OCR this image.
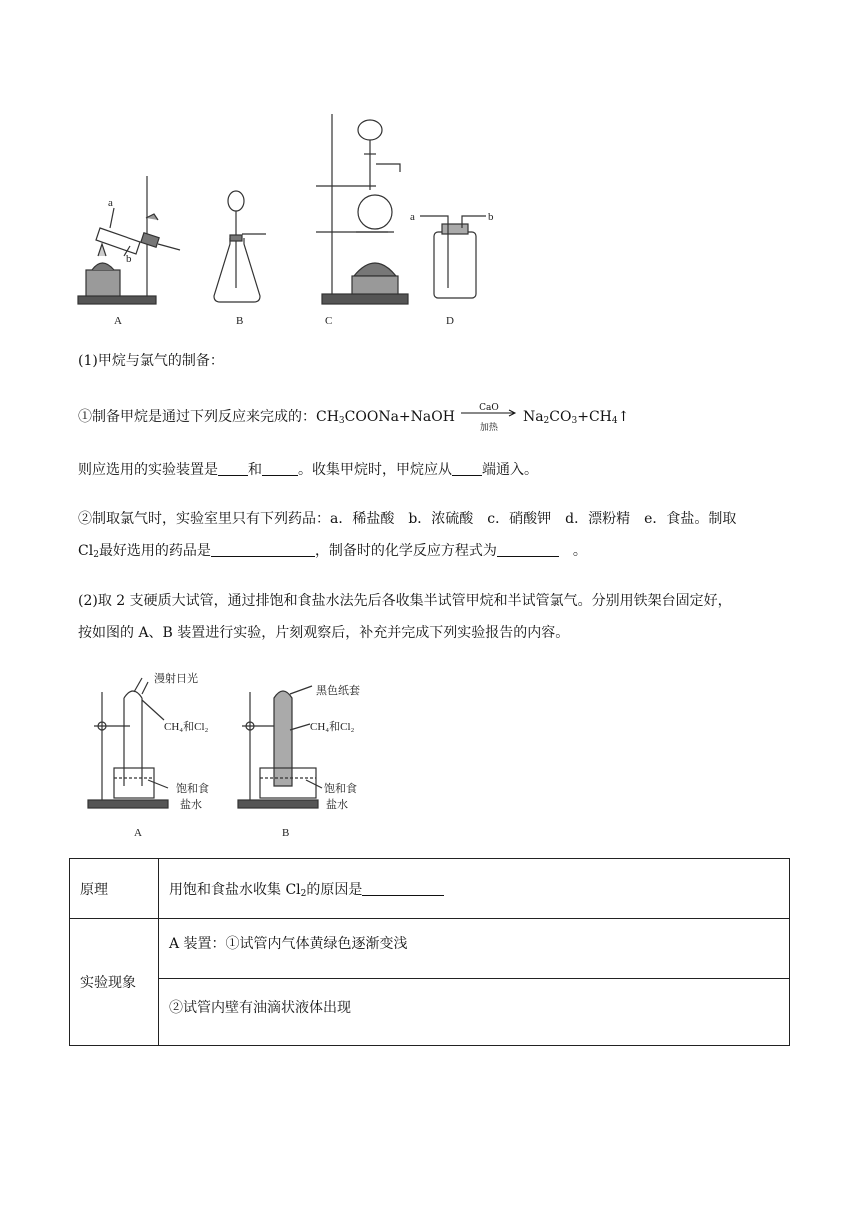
a
b
a	b
A	B	C	D
(1)甲烷与氯气的制备：
①制备甲烷是通过下列反应来完成的：$CH_3COONa+NaOH$
CaO
加热
$Na_2CO_3+CH_4↑$
则应选用的实验装置是 和	。收集甲烷时，甲烷应从 端通入。
②制取氯气时，实验室里只有下列药品：a．稀盐酸　b．浓硫酸　c．硝酸钾　d．漂粉精　e．食盐。制取
$Cl_2$最好选用的药品是	，制备时的化学反应方程式为	　。
(2)取 2 支硬质大试管，通过排饱和食盐水法先后各收集半试管甲烷和半试管氯气。分别用铁架台固定好，
按如图的 A、B 装置进行实验，片刻观察后，补充并完成下列实验报告的内容。
漫射日光
CH₄和Cl₂
饱和食
盐水
黑色纸套
CH₄和Cl₂
饱和食
盐水
A	B
原理	用饱和食盐水收集 $Cl_2$的原因是
实验现象	A 装置：①试管内气体黄绿色逐渐变浅
	②试管内壁有油滴状液体出现
